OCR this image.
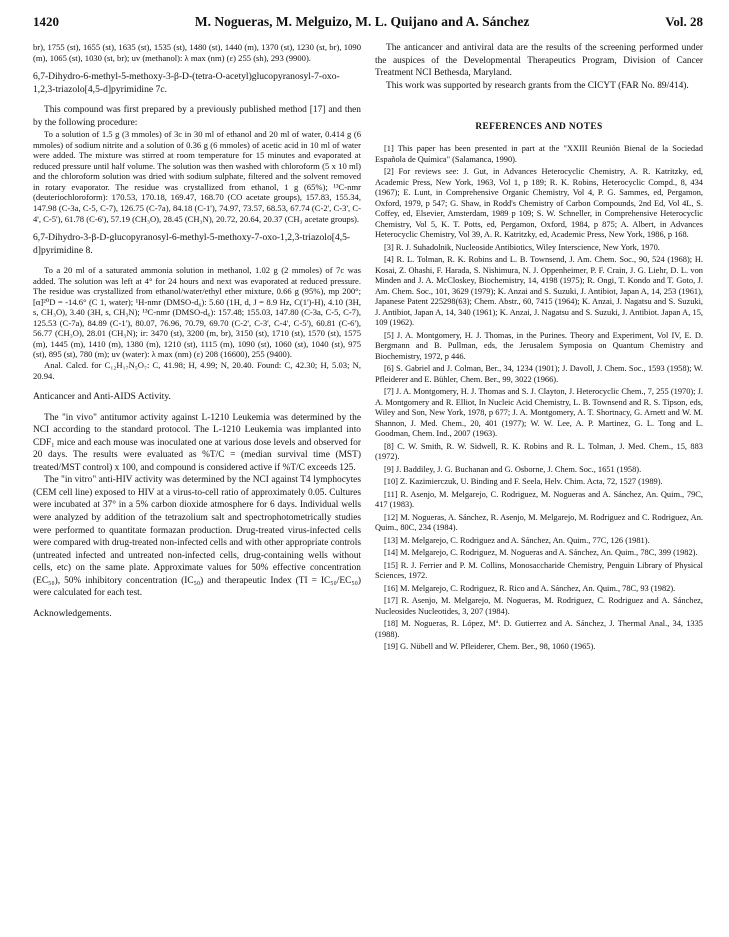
1420	M. Nogueras, M. Melguizo, M. L. Quijano and A. Sánchez	Vol. 28

br), 1755 (st), 1655 (st), 1635 (st), 1535 (st), 1480 (st), 1440 (m), 1370 (st), 1230 (st, br), 1090 (m), 1065 (st), 1030 (st, br); uv (methanol): λ max (nm) (ε) 255 (sh), 293 (9900).

6,7-Dihydro-6-methyl-5-methoxy-3-β-D-(tetra-O-acetyl)glucopyranosyl-7-oxo-1,2,3-triazolo[4,5-d]pyrimidine 7c.

This compound was first prepared by a previously published method [17] and then by the following procedure:

To a solution of 1.5 g (3 mmoles) of 3c in 30 ml of ethanol and 20 ml of water, 0.414 g (6 mmoles) of sodium nitrite and a solution of 0.36 g (6 mmoles) of acetic acid in 10 ml of water were added. The mixture was stirred at room temperature for 15 minutes and evaporated at reduced pressure until half volume. The solution was then washed with chloroform (5 x 10 ml) and the chloroform solution was dried with sodium sulphate, filtered and the solvent removed in rotary evaporator. The residue was crystallized from ethanol, 1 g (65%); ¹³C-nmr (deuteriochloroform): 170.53, 170.18, 169.47, 168.70 (CO acetate groups), 157.83, 155.34, 147.98 (C-3a, C-5, C-7), 126.75 (C-7a), 84.18 (C-1'), 74.97, 73.57, 68.53, 67.74 (C-2', C-3', C-4', C-5'), 61.78 (C-6'), 57.19 (CH₃O), 28.45 (CH₃N), 20.72, 20.64, 20.37 (CH₃ acetate groups).

6,7-Dihydro-3-β-D-glucopyranosyl-6-methyl-5-methoxy-7-oxo-1,2,3-triazolo[4,5-d]pyrimidine 8.

To a 20 ml of a saturated ammonia solution in methanol, 1.02 g (2 mmoles) of 7c was added. The solution was left at 4° for 24 hours and next was evaporated at reduced pressure. The residue was crystallized from ethanol/water/ethyl ether mixture, 0.66 g (95%), mp 200°; [α]²⁰D = -14.6° (C 1, water); ¹H-nmr (DMSO-d₆): 5.60 (1H, d, J = 8.9 Hz, C(1')-H), 4.10 (3H, s, CH₃O), 3.40 (3H, s, CH₃N); ¹³C-nmr (DMSO-d₆): 157.48; 155.03, 147.80 (C-3a, C-5, C-7), 125.53 (C-7a), 84.89 (C-1'), 80.07, 76.96, 70.79, 69.70 (C-2', C-3', C-4', C-5'), 60.81 (C-6'), 56.77 (CH₃O), 28.01 (CH₃N); ir: 3470 (st), 3200 (m, br), 3150 (st), 1710 (st), 1570 (st), 1575 (m), 1445 (m), 1410 (m), 1380 (m), 1210 (st), 1115 (m), 1090 (st), 1060 (st), 1040 (st), 975 (st), 895 (st), 780 (m); uv (water): λ max (nm) (ε) 208 (16600), 255 (9400).

Anal. Calcd. for C₁₂H₁₇N₅O₇: C, 41.98; H, 4.99; N, 20.40. Found: C, 42.30; H, 5.03; N, 20.94.

Anticancer and Anti-AIDS Activity.

The "in vivo" antitumor activity against L-1210 Leukemia was determined by the NCI according to the standard protocol. The L-1210 Leukemia was implanted into CDF₁ mice and each mouse was inoculated one at various dose levels and observed for 20 days. The results were evaluated as %T/C = (median survival time (MST) treated/MST control) x 100, and compound is considered active if %T/C exceeds 125.

The "in vitro" anti-HIV activity was determined by the NCI against T4 lymphocytes (CEM cell line) exposed to HIV at a virus-to-cell ratio of approximately 0.05. Cultures were incubated at 37° in a 5% carbon dioxide atmosphere for 6 days. Individual wells were analyzed by addition of the tetrazolium salt and spectrophotometrically studies were performed to quantitate formazan production. Drug-treated virus-infected cells were compared with drug-treated non-infected cells and with other appropriate controls (untreated infected and untreated non-infected cells, drug-containing wells without cells, etc) on the same plate. Approximate values for 50% effective concentration (EC₅₀), 50% inhibitory concentration (IC₅₀) and therapeutic Index (TI = IC₅₀/EC₅₀) were calculated for each test.

Acknowledgements.

The anticancer and antiviral data are the results of the screening performed under the auspices of the Developmental Therapeutics Program, Division of Cancer Treatment NCI Bethesda, Maryland.

This work was supported by research grants from the CICYT (FAR No. 89/414).

REFERENCES AND NOTES

[1] This paper has been presented in part at the "XXIII Reunión Bienal de la Sociedad Española de Química" (Salamanca, 1990).

[2] For reviews see: J. Gut, in Advances Heterocyclic Chemistry, A. R. Katritzky, ed, Academic Press, New York, 1963, Vol 1, p 189; R. K. Robins, Heterocyclic Compd., 8, 434 (1967); E. Lunt, in Comprehensive Organic Chemistry, Vol 4, P. G. Sammes, ed, Pergamon, Oxford, 1979, p 547; G. Shaw, in Rodd's Chemistry of Carbon Compounds, 2nd Ed, Vol 4L, S. Coffey, ed, Elsevier, Amsterdam, 1989 p 109; S. W. Schneller, in Comprehensive Heterocyclic Chemistry, Vol 5, K. T. Potts, ed, Pergamon, Oxford, 1984, p 875; A. Albert, in Advances Heterocyclic Chemistry, Vol 39, A. R. Katritzky, ed, Academic Press, New York, 1986, p 168.

[3] R. J. Suhadolnik, Nucleoside Antibiotics, Wiley Interscience, New York, 1970.

[4] R. L. Tolman, R. K. Robins and L. B. Townsend, J. Am. Chem. Soc., 90, 524 (1968); H. Kosai, Z. Ohashi, F. Harada, S. Nishimura, N. J. Oppenheimer, P. F. Crain, J. G. Liehr, D. L. von Minden and J. A. McCloskey, Biochemistry, 14, 4198 (1975); R. Ongi, T. Kondo and T. Goto, J. Am. Chem. Soc., 101, 3629 (1979); K. Anzai and S. Suzuki, J. Antibiot, Japan A, 14, 253 (1961), Japanese Patent 225298(63); Chem. Abstr., 60, 7415 (1964); K. Anzai, J. Nagatsu and S. Suzuki, J. Antibiot, Japan A, 14, 340 (1961); K. Anzai, J. Nagatsu and S. Suzuki, J. Antibiot. Japan A, 15, 109 (1962).

[5] J. A. Montgomery, H. J. Thomas, in the Purines. Theory and Experiment, Vol IV, E. D. Bergmann and B. Pullman, eds, the Jerusalem Symposia on Quantum Chemistry and Biochemistry, 1972, p 446.

[6] S. Gabriel and J. Colman, Ber., 34, 1234 (1901); J. Davoll, J. Chem. Soc., 1593 (1958); W. Pfleiderer and E. Bühler, Chem. Ber., 99, 3022 (1966).

[7] J. A. Montgomery, H. J. Thomas and S. J. Clayton, J. Heterocyclic Chem., 7, 255 (1970); J. A. Montgomery and R. Elliot, In Nucleic Acid Chemistry, L. B. Townsend and R. S. Tipson, eds, Wiley and Son, New York, 1978, p 677; J. A. Montgomery, A. T. Shortnacy, G. Arnett and W. M. Shannon, J. Med. Chem., 20, 401 (1977); W. W. Lee, A. P. Martinez, G. L. Tong and L. Goodman, Chem. Ind., 2007 (1963).

[8] C. W. Smith, R. W. Sidwell, R. K. Robins and R. L. Tolman, J. Med. Chem., 15, 883 (1972).

[9] J. Baddiley, J. G. Buchanan and G. Osborne, J. Chem. Soc., 1651 (1958).

[10] Z. Kazimierczuk, U. Binding and F. Seela, Helv. Chim. Acta, 72, 1527 (1989).

[11] R. Asenjo, M. Melgarejo, C. Rodriguez, M. Nogueras and A. Sánchez, An. Quim., 79C, 417 (1983).

[12] M. Nogueras, A. Sánchez, R. Asenjo, M. Melgarejo, M. Rodriguez and C. Rodriguez, An. Quim., 80C, 234 (1984).

[13] M. Melgarejo, C. Rodriguez and A. Sánchez, An. Quim., 77C, 126 (1981).

[14] M. Melgarejo, C. Rodriguez, M. Nogueras and A. Sánchez, An. Quim., 78C, 399 (1982).

[15] R. J. Ferrier and P. M. Collins, Monosaccharide Chemistry, Penguin Library of Physical Sciences, 1972.

[16] M. Melgarejo, C. Rodriguez, R. Rico and A. Sánchez, An. Quim., 78C, 93 (1982).

[17] R. Asenjo, M. Melgarejo, M. Nogueras, M. Rodriguez, C. Rodriguez and A. Sánchez, Nucleosides Nucleotides, 3, 207 (1984).

[18] M. Nogueras, R. López, Mª. D. Gutierrez and A. Sánchez, J. Thermal Anal., 34, 1335 (1988).

[19] G. Nübell and W. Pfleiderer, Chem. Ber., 98, 1060 (1965).
